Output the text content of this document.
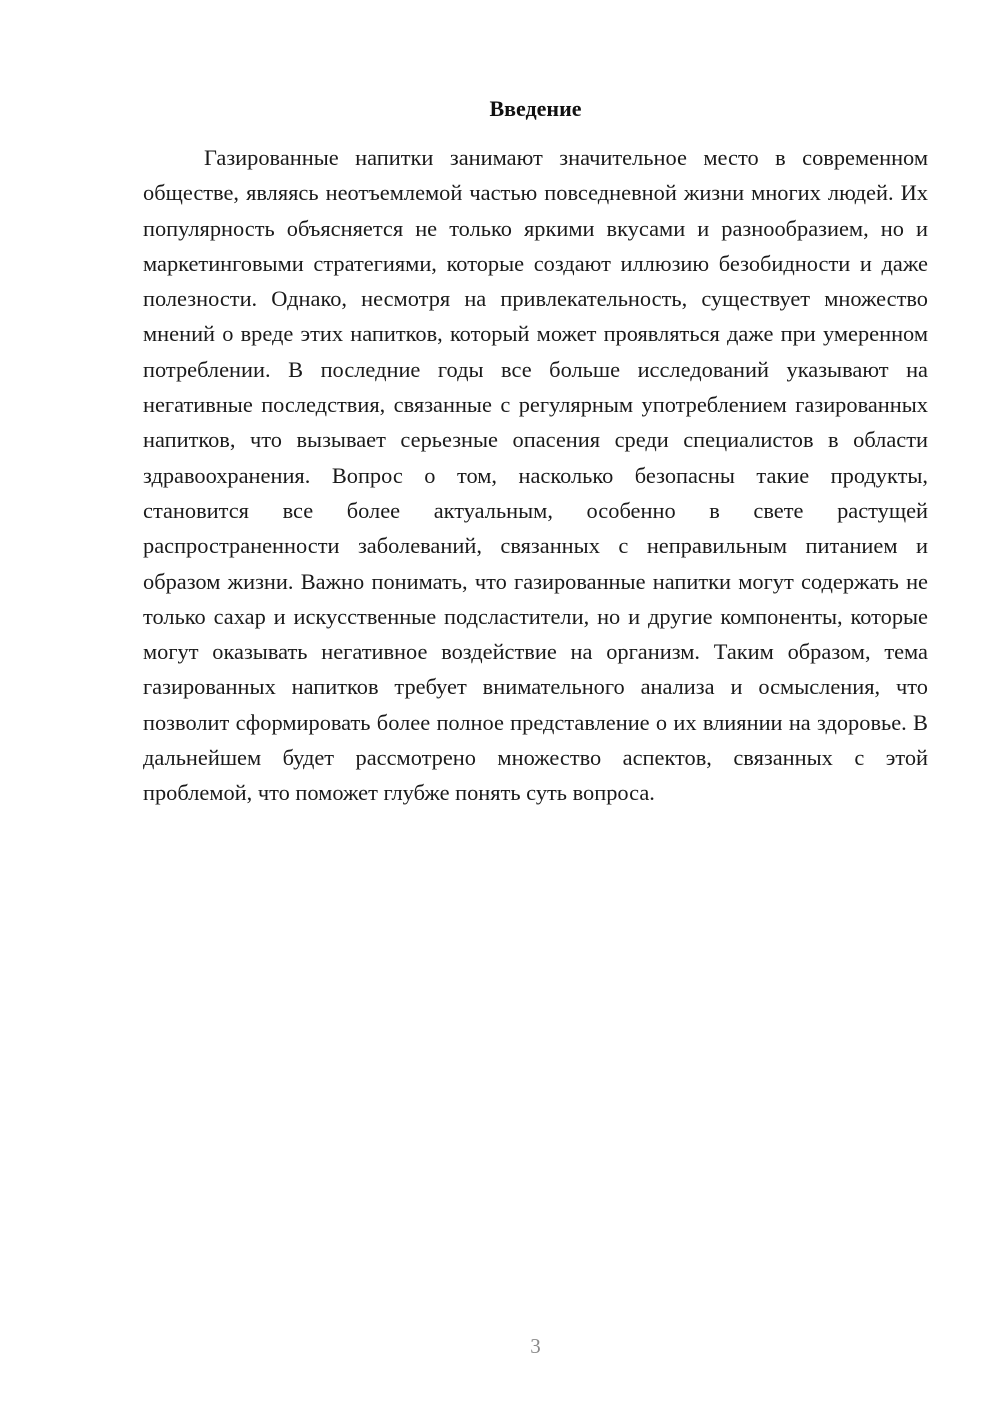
Введение

Газированные напитки занимают значительное место в современном обществе, являясь неотъемлемой частью повседневной жизни многих людей. Их популярность объясняется не только яркими вкусами и разнообразием, но и маркетинговыми стратегиями, которые создают иллюзию безобидности и даже полезности. Однако, несмотря на привлекательность, существует множество мнений о вреде этих напитков, который может проявляться даже при умеренном потреблении. В последние годы все больше исследований указывают на негативные последствия, связанные с регулярным употреблением газированных напитков, что вызывает серьезные опасения среди специалистов в области здравоохранения. Вопрос о том, насколько безопасны такие продукты, становится все более актуальным, особенно в свете растущей распространенности заболеваний, связанных с неправильным питанием и образом жизни. Важно понимать, что газированные напитки могут содержать не только сахар и искусственные подсластители, но и другие компоненты, которые могут оказывать негативное воздействие на организм. Таким образом, тема газированных напитков требует внимательного анализа и осмысления, что позволит сформировать более полное представление о их влиянии на здоровье. В дальнейшем будет рассмотрено множество аспектов, связанных с этой проблемой, что поможет глубже понять суть вопроса.

3
